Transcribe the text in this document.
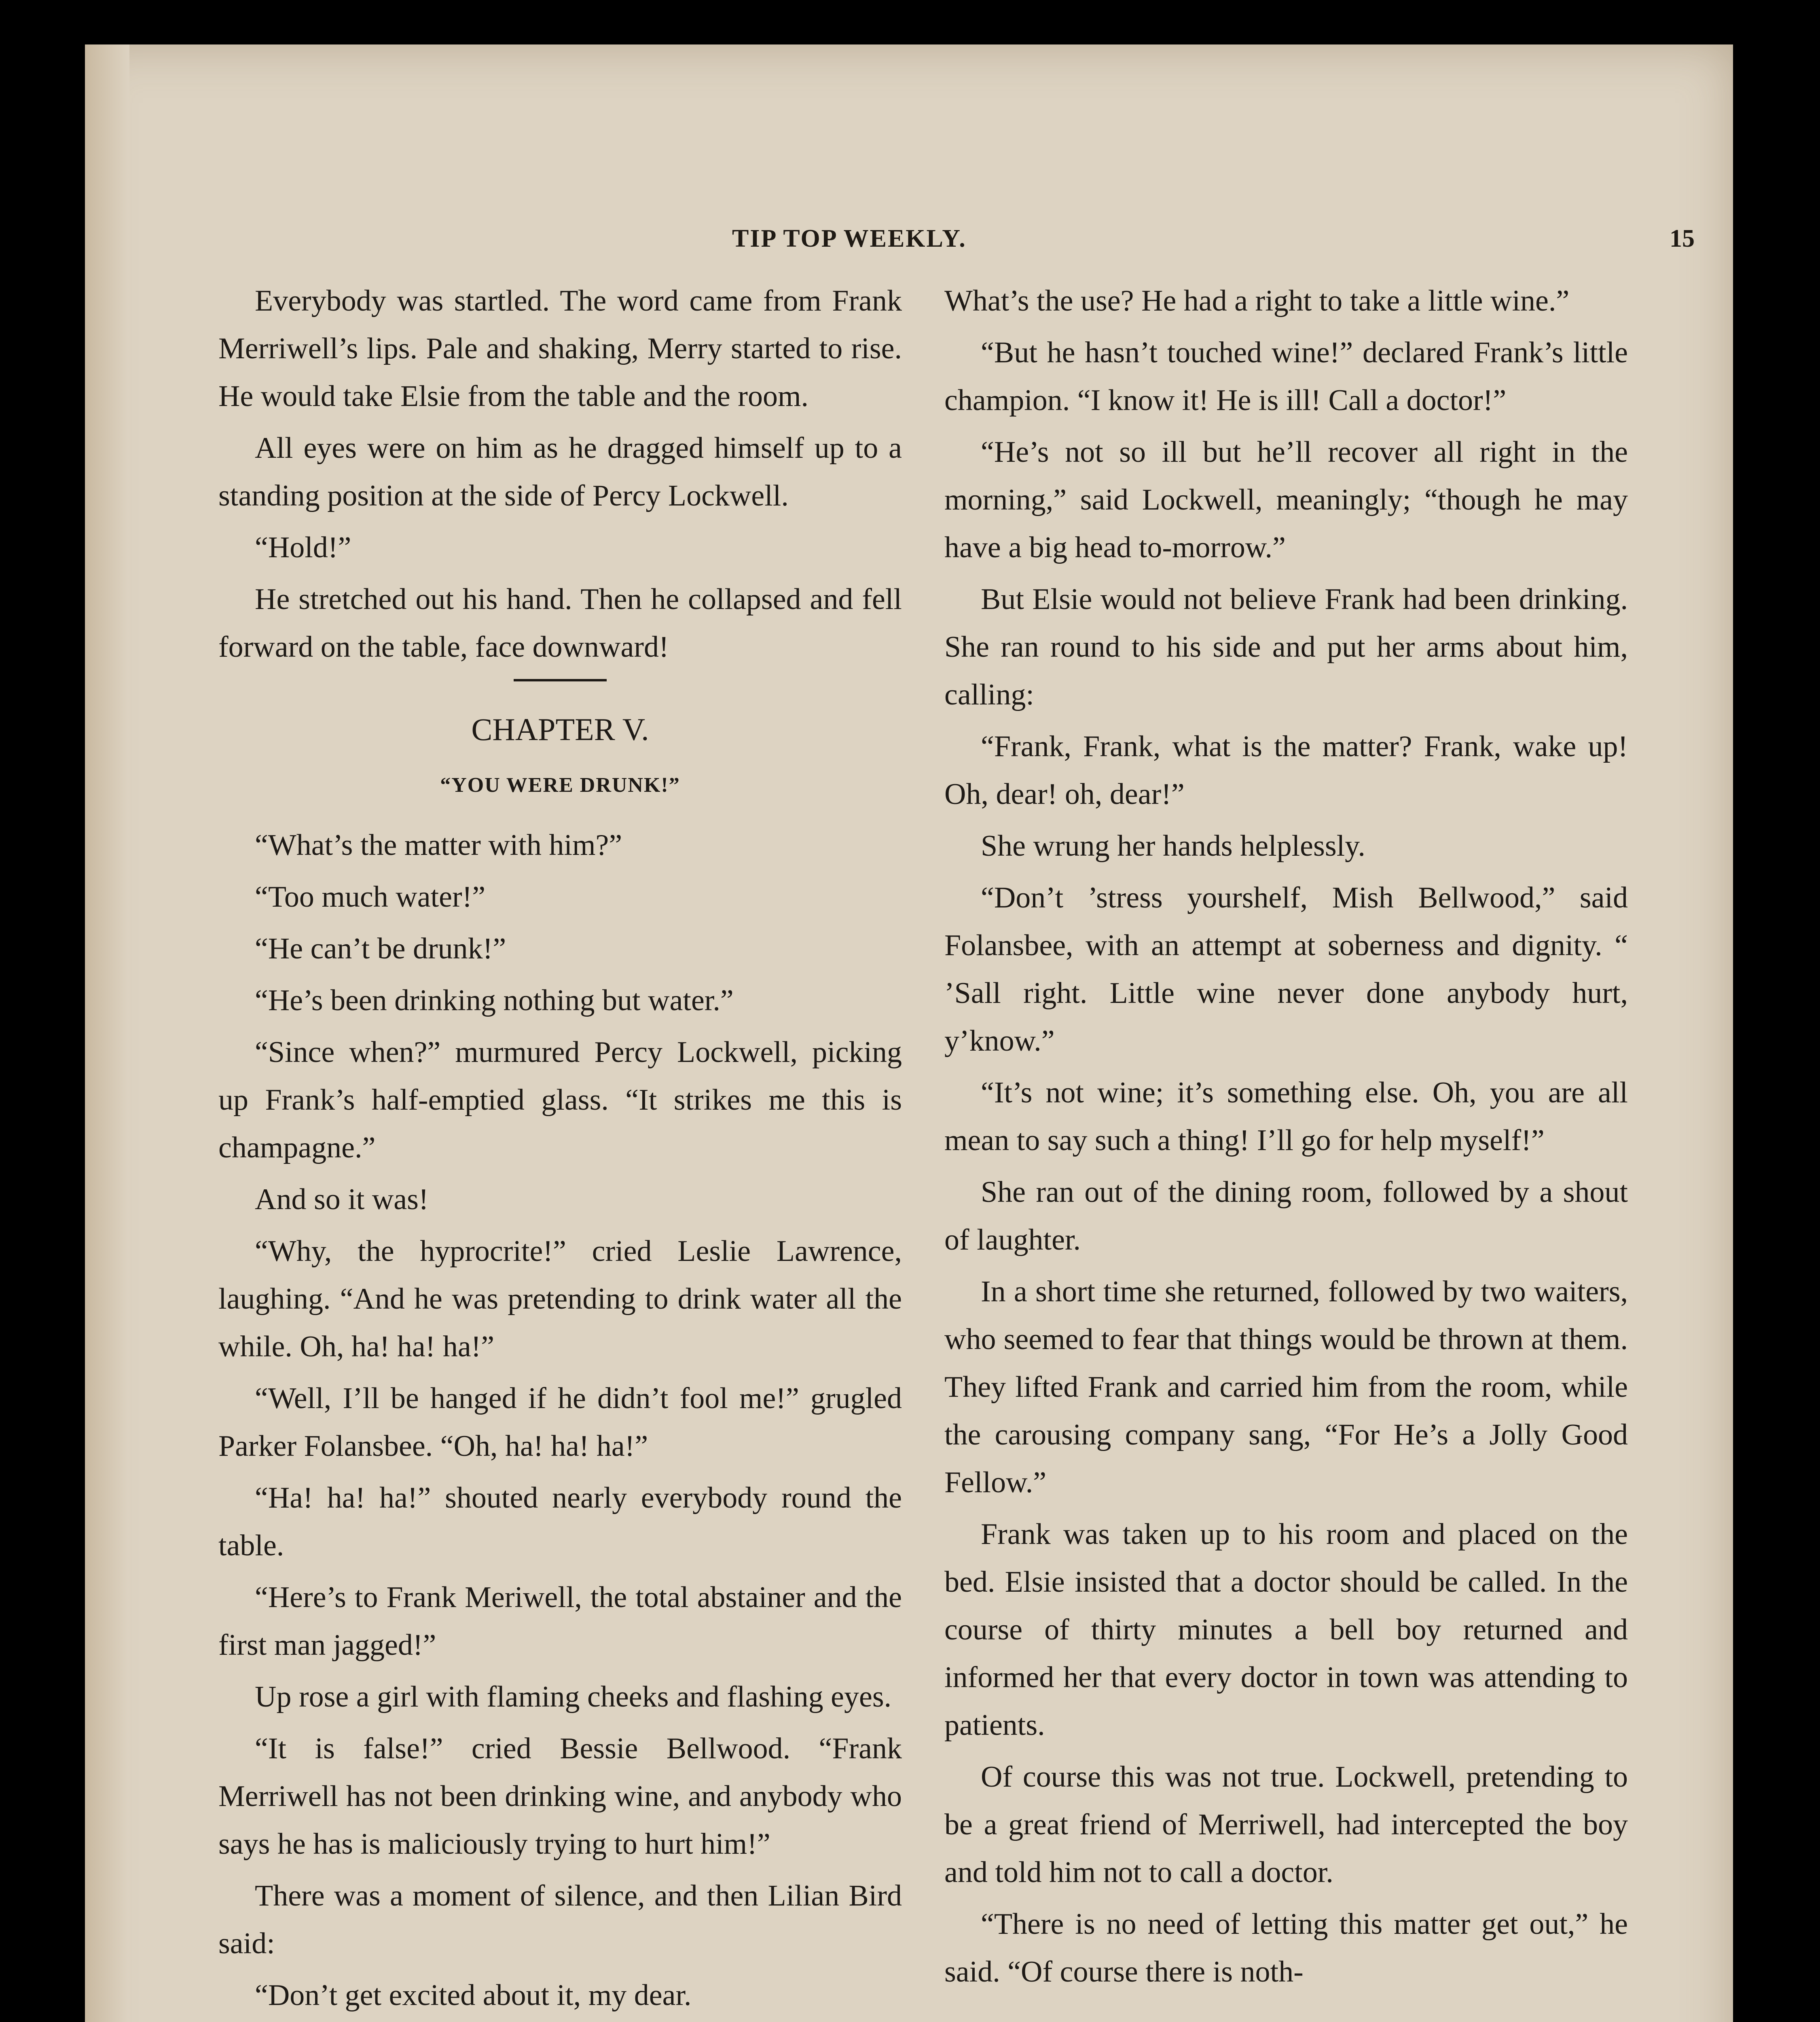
TIP TOP WEEKLY.	15

Everybody was startled. The word came from Frank Merriwell’s lips. Pale and shaking, Merry started to rise. He would take Elsie from the table and the room.

All eyes were on him as he dragged himself up to a standing position at the side of Percy Lockwell.

“Hold!”

He stretched out his hand. Then he collapsed and fell forward on the table, face downward!

CHAPTER V.

“YOU WERE DRUNK!”

“What’s the matter with him?”

“Too much water!”

“He can’t be drunk!”

“He’s been drinking nothing but water.”

“Since when?” murmured Percy Lockwell, picking up Frank’s half-emptied glass. “It strikes me this is champagne.”

And so it was!

“Why, the hyprocrite!” cried Leslie Lawrence, laughing. “And he was pretending to drink water all the while. Oh, ha! ha! ha!”

“Well, I’ll be hanged if he didn’t fool me!” grugled Parker Folansbee. “Oh, ha! ha! ha!”

“Ha! ha! ha!” shouted nearly everybody round the table.

“Here’s to Frank Meriwell, the total abstainer and the first man jagged!”

Up rose a girl with flaming cheeks and flashing eyes.

“It is false!” cried Bessie Bellwood. “Frank Merriwell has not been drinking wine, and anybody who says he has is maliciously trying to hurt him!”

There was a moment of silence, and then Lilian Bird said:

“Don’t get excited about it, my dear.

What’s the use? He had a right to take a little wine.”

“But he hasn’t touched wine!” declared Frank’s little champion. “I know it! He is ill! Call a doctor!”

“He’s not so ill but he’ll recover all right in the morning,” said Lockwell, meaningly; “though he may have a big head to-morrow.”

But Elsie would not believe Frank had been drinking. She ran round to his side and put her arms about him, calling:

“Frank, Frank, what is the matter? Frank, wake up! Oh, dear! oh, dear!”

She wrung her hands helplessly.

“Don’t ’stress yourshelf, Mish Bellwood,” said Folansbee, with an attempt at soberness and dignity. “ ’Sall right. Little wine never done anybody hurt, y’know.”

“It’s not wine; it’s something else. Oh, you are all mean to say such a thing! I’ll go for help myself!”

She ran out of the dining room, followed by a shout of laughter.

In a short time she returned, followed by two waiters, who seemed to fear that things would be thrown at them. They lifted Frank and carried him from the room, while the carousing company sang, “For He’s a Jolly Good Fellow.”

Frank was taken up to his room and placed on the bed. Elsie insisted that a doctor should be called. In the course of thirty minutes a bell boy returned and informed her that every doctor in town was attending to patients.

Of course this was not true. Lockwell, pretending to be a great friend of Merriwell, had intercepted the boy and told him not to call a doctor.

“There is no need of letting this matter get out,” he said. “Of course there is noth-
